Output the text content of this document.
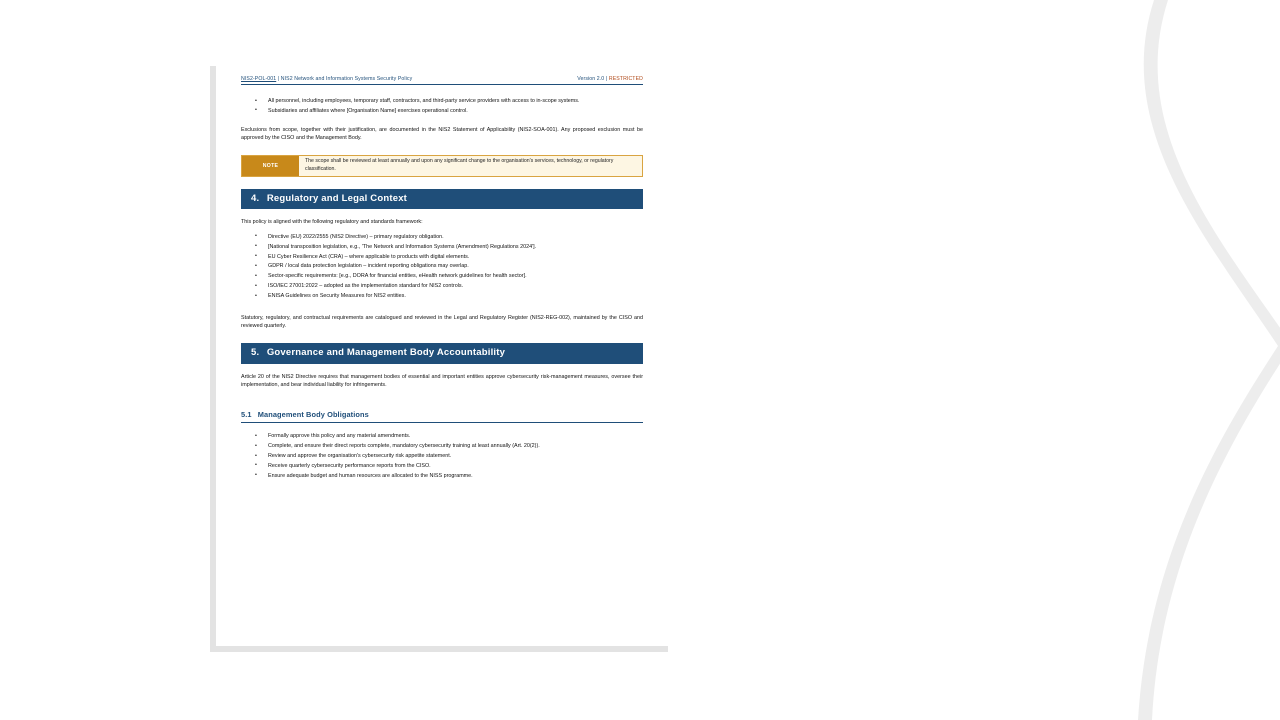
NIS2-POL-001 | NIS2 Network and Information Systems Security Policy	Version 2.0 | RESTRICTED
• All personnel, including employees, temporary staff, contractors, and third-party service providers with access to in-scope systems.
• Subsidiaries and affiliates where [Organisation Name] exercises operational control.
Exclusions from scope, together with their justification, are documented in the NIS2 Statement of Applicability (NIS2-SOA-001). Any proposed exclusion must be approved by the CISO and the Management Body.
NOTE
The scope shall be reviewed at least annually and upon any significant change to the organisation's services, technology, or regulatory classification.
4. Regulatory and Legal Context
This policy is aligned with the following regulatory and standards framework:
• Directive (EU) 2022/2555 (NIS2 Directive) – primary regulatory obligation.
• [National transposition legislation, e.g., 'The Network and Information Systems (Amendment) Regulations 2024'].
• EU Cyber Resilience Act (CRA) – where applicable to products with digital elements.
• GDPR / local data protection legislation – incident reporting obligations may overlap.
• Sector-specific requirements: [e.g., DORA for financial entities, eHealth network guidelines for health sector].
• ISO/IEC 27001:2022 – adopted as the implementation standard for NIS2 controls.
• ENISA Guidelines on Security Measures for NIS2 entities.
Statutory, regulatory, and contractual requirements are catalogued and reviewed in the Legal and Regulatory Register (NIS2-REG-002), maintained by the CISO and reviewed quarterly.
5. Governance and Management Body Accountability
Article 20 of the NIS2 Directive requires that management bodies of essential and important entities approve cybersecurity risk-management measures, oversee their implementation, and bear individual liability for infringements.
5.1 Management Body Obligations
• Formally approve this policy and any material amendments.
• Complete, and ensure their direct reports complete, mandatory cybersecurity training at least annually (Art. 20(2)).
• Review and approve the organisation's cybersecurity risk appetite statement.
• Receive quarterly cybersecurity performance reports from the CISO.
• Ensure adequate budget and human resources are allocated to the NISS programme.
